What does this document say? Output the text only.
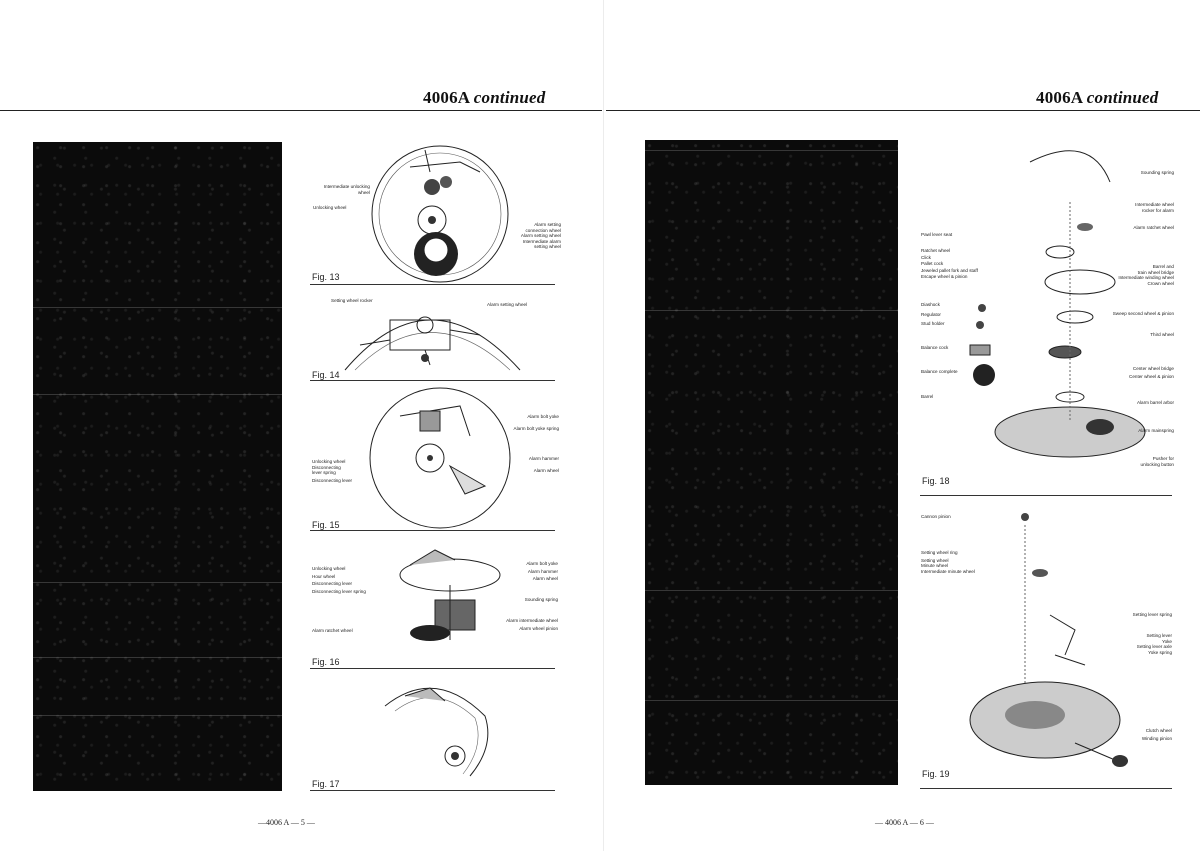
4006A continued
Intermediate unlocking
wheel
Unlocking wheel
Alarm setting
connection wheel
Alarm setting wheel
Intermediate alarm
setting wheel
Fig. 13
Setting wheel rocker
Alarm setting wheel
Fig. 14
Alarm bolt yoke
Alarm bolt yoke spring
Alarm hammer
Alarm wheel
Unlocking wheel
Disconnecting
lever spring
Disconnecting lever
Fig. 15
Unlocking wheel
Hour wheel
Disconnecting lever
Disconnecting lever spring
Alarm ratchet wheel
Alarm bolt yoke
Alarm hammer
Alarm wheel
Sounding spring
Alarm intermediate wheel
Alarm wheel pinion
Fig. 16
Fig. 17
—4006 A — 5 —
4006A continued
Pawl lever seat
Ratchet wheel
Click
Pallet cock
Jeweled pallet fork and staff
Escape wheel & pinion
Diashock
Regulator
Stud holder
Balance cock
Balance complete
Barrel
Sounding spring
Intermediate wheel
rocker for alarm
Alarm ratchet wheel
Barrel and
train wheel bridge
Intermediate winding wheel
Crown wheel
Sweep second wheel & pinion
Third wheel
Center wheel bridge
Center wheel & pinion
Alarm barrel arbor
Alarm mainspring
Pusher for
unlocking button
Fig. 18
Cannon pinion
Setting wheel ring
Setting wheel
Minute wheel
Intermediate minute wheel
Setting lever spring
Setting lever
Yoke
Setting lever axle
Yoke spring
Clutch wheel
Winding pinion
Fig. 19
— 4006 A — 6 —
